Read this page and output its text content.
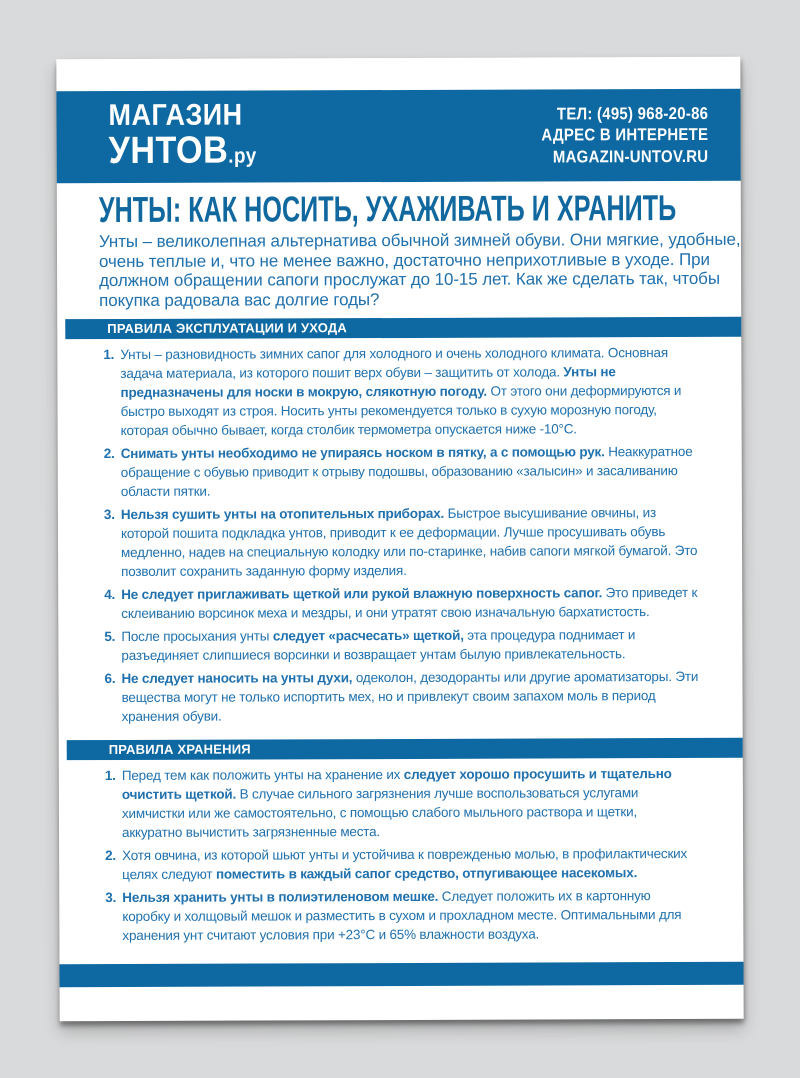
МАГАЗИН
УНТОВ.ру
ТЕЛ: (495) 968-20-86
АДРЕС В ИНТЕРНЕТЕ
MAGAZIN-UNTOV.RU
УНТЫ: КАК НОСИТЬ, УХАЖИВАТЬ И ХРАНИТЬ

Унты – великолепная альтернатива обычной зимней обуви. Они мягкие, удобные, очень теплые и, что не менее важно, достаточно неприхотливые в уходе. При должном обращении сапоги прослужат до 10-15 лет. Как же сделать так, чтобы покупка радовала вас долгие годы?

ПРАВИЛА ЭКСПЛУАТАЦИИ И УХОДА
Унты – разновидность зимних сапог для холодного и очень холодного климата. Основная задача материала, из которого пошит верх обуви – защитить от холода. Унты не предназначены для носки в мокрую, слякотную погоду. От этого они деформируются и быстро выходят из строя. Носить унты рекомендуется только в сухую морозную погоду, которая обычно бывает, когда столбик термометра опускается ниже -10°С.
Снимать унты необходимо не упираясь носком в пятку, а с помощью рук. Неаккуратное обращение с обувью приводит к отрыву подошвы, образованию «залысин» и засаливанию области пятки.
Нельзя сушить унты на отопительных приборах. Быстрое высушивание овчины, из которой пошита подкладка унтов, приводит к ее деформации. Лучше просушивать обувь медленно, надев на специальную колодку или по-старинке, набив сапоги мягкой бумагой. Это позволит сохранить заданную форму изделия.
Не следует приглаживать щеткой или рукой влажную поверхность сапог. Это приведет к склеиванию ворсинок меха и мездры, и они утратят свою изначальную бархатистость.
После просыхания унты следует «расчесать» щеткой, эта процедура поднимает и разъединяет слипшиеся ворсинки и возвращает унтам былую привлекательность.
Не следует наносить на унты духи, одеколон, дезодоранты или другие ароматизаторы. Эти вещества могут не только испортить мех, но и привлекут своим запахом моль в период хранения обуви.
ПРАВИЛА ХРАНЕНИЯ
Перед тем как положить унты на хранение их следует хорошо просушить и тщательно очистить щеткой. В случае сильного загрязнения лучше воспользоваться услугами химчистки или же самостоятельно, с помощью слабого мыльного раствора и щетки, аккуратно вычистить загрязненные места.
Хотя овчина, из которой шьют унты и устойчива к поврежденью молью, в профилактических целях следуют поместить в каждый сапог средство, отпугивающее насекомых.
Нельзя хранить унты в полиэтиленовом мешке. Следует положить их в картонную коробку и холщовый мешок и разместить в сухом и прохладном месте. Оптимальными для хранения унт считают условия при +23°С и 65% влажности воздуха.
